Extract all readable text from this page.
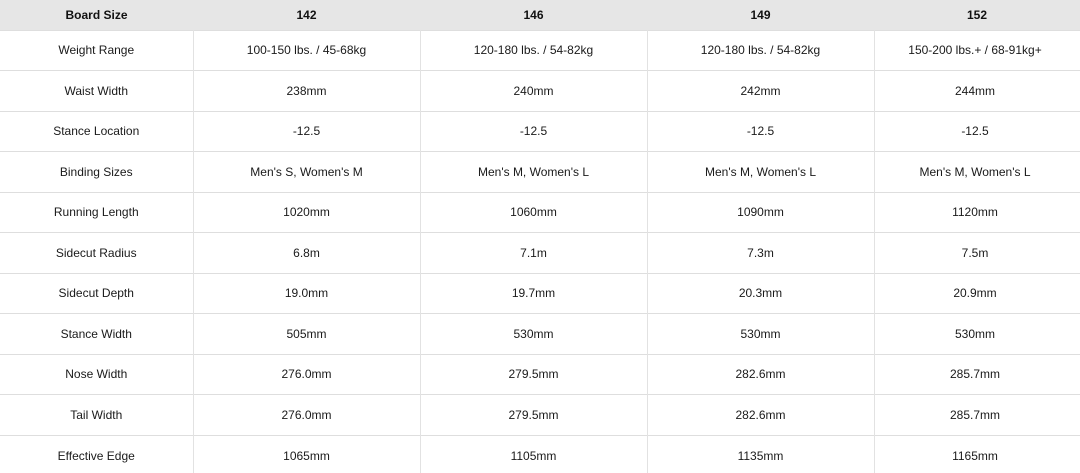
Board Size	142	146	149	152
Weight Range	100-150 lbs. / 45-68kg	120-180 lbs. / 54-82kg	120-180 lbs. / 54-82kg	150-200 lbs.+ / 68-91kg+
Waist Width	238mm	240mm	242mm	244mm
Stance Location	-12.5	-12.5	-12.5	-12.5
Binding Sizes	Men's S, Women's M	Men's M, Women's L	Men's M, Women's L	Men's M, Women's L
Running Length	1020mm	1060mm	1090mm	1120mm
Sidecut Radius	6.8m	7.1m	7.3m	7.5m
Sidecut Depth	19.0mm	19.7mm	20.3mm	20.9mm
Stance Width	505mm	530mm	530mm	530mm
Nose Width	276.0mm	279.5mm	282.6mm	285.7mm
Tail Width	276.0mm	279.5mm	282.6mm	285.7mm
Effective Edge	1065mm	1105mm	1135mm	1165mm
